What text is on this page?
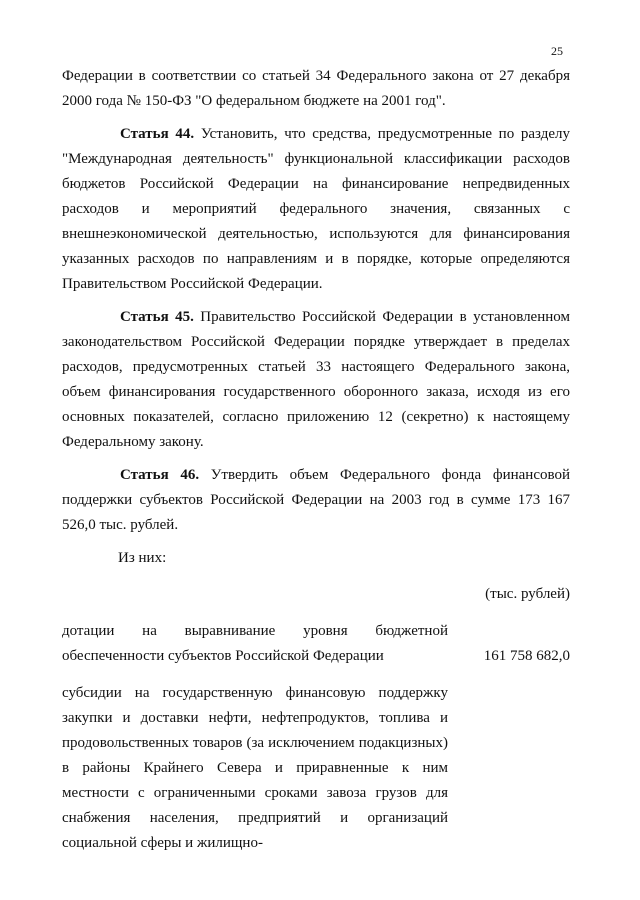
25

Федерации в соответствии со статьей 34 Федерального закона от 27 декабря 2000 года № 150-ФЗ "О федеральном бюджете на 2001 год".

Статья 44. Установить, что средства, предусмотренные по разделу "Международная деятельность" функциональной классификации расходов бюджетов Российской Федерации на финансирование непредвиденных расходов и мероприятий федерального значения, связанных с внешнеэкономической деятельностью, используются для финансирования указанных расходов по направлениям и в порядке, которые определяются Правительством Российской Федерации.

Статья 45. Правительство Российской Федерации в установленном законодательством Российской Федерации порядке утверждает в пределах расходов, предусмотренных статьей 33 настоящего Федерального закона, объем финансирования государственного оборонного заказа, исходя из его основных показателей, согласно приложению 12 (секретно) к настоящему Федеральному закону.

Статья 46. Утвердить объем Федерального фонда финансовой поддержки субъектов Российской Федерации на 2003 год в сумме 173 167 526,0 тыс. рублей.

Из них:

(тыс. рублей)
дотации на выравнивание уровня бюджетной обеспеченности субъектов Российской Федерации	161 758 682,0
субсидии на государственную финансовую поддержку закупки и доставки нефти, нефтепродуктов, топлива и продовольственных товаров (за исключением подакцизных) в районы Крайнего Севера и приравненные к ним местности с ограниченными сроками завоза грузов для снабжения населения, предприятий и организаций социальной сферы и жилищно-
